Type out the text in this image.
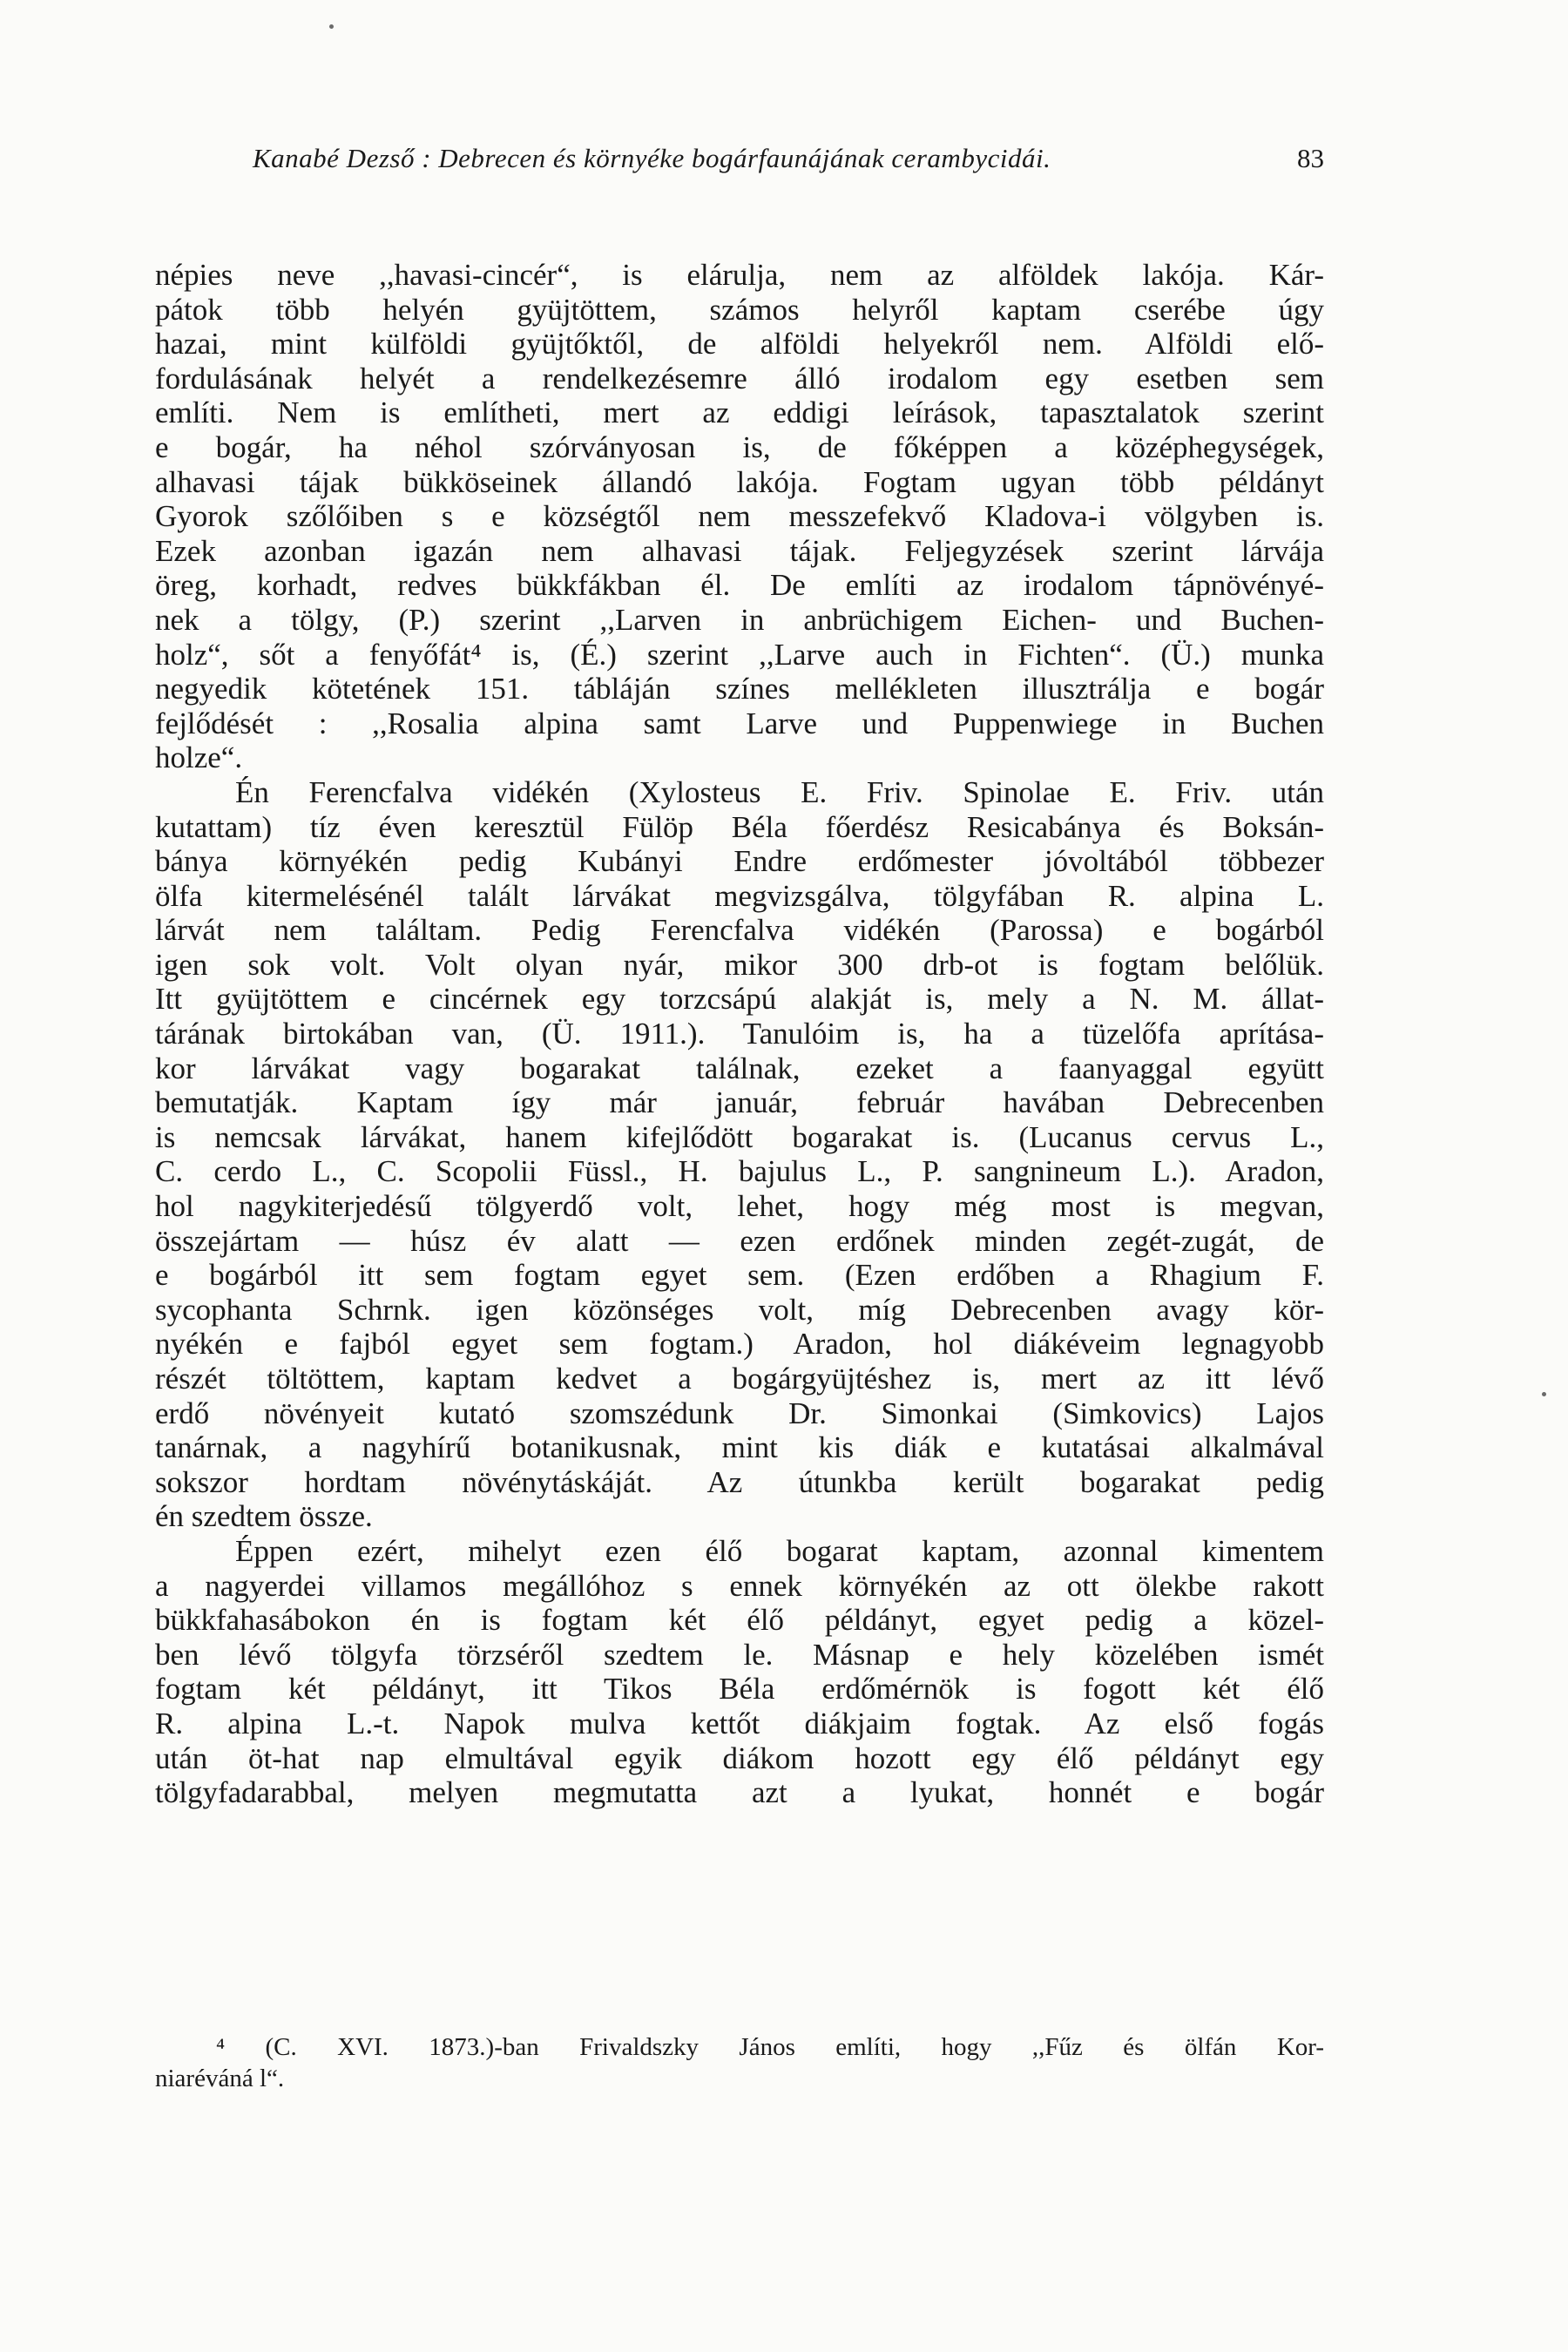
Kanabé Dezső : Debrecen és környéke bogárfaunájának cerambycidái.	83
népies neve ,,havasi-cincér“, is elárulja, nem az alföldek lakója. Kár-
pátok több helyén gyüjtöttem, számos helyről kaptam cserébe úgy
hazai, mint külföldi gyüjtőktől, de alföldi helyekről nem. Alföldi elő-
fordulásának helyét a rendelkezésemre álló irodalom egy esetben sem
említi. Nem is említheti, mert az eddigi leírások, tapasztalatok szerint
e bogár, ha néhol szórványosan is, de főképpen a középhegységek,
alhavasi tájak bükköseinek állandó lakója. Fogtam ugyan több példányt
Gyorok szőlőiben s e községtől nem messzefekvő Kladova-i völgyben is.
Ezek azonban igazán nem alhavasi tájak. Feljegyzések szerint lárvája
öreg, korhadt, redves bükkfákban él. De említi az irodalom tápnövényé-
nek a tölgy, (P.) szerint ,,Larven in anbrüchigem Eichen- und Buchen-
holz“, sőt a fenyőfát⁴ is, (É.) szerint ,,Larve auch in Fichten“. (Ü.) munka
negyedik kötetének 151. tábláján színes mellékleten illusztrálja e bogár
fejlődését : ,,Rosalia alpina samt Larve und Puppenwiege in Buchen
holze“.
Én Ferencfalva vidékén (Xylosteus E. Friv. Spinolae E. Friv. után
kutattam) tíz éven keresztül Fülöp Béla főerdész Resicabánya és Boksán-
bánya környékén pedig Kubányi Endre erdőmester jóvoltából többezer
ölfa kitermelésénél talált lárvákat megvizsgálva, tölgyfában R. alpina L.
lárvát nem találtam. Pedig Ferencfalva vidékén (Parossa) e bogárból
igen sok volt. Volt olyan nyár, mikor 300 drb-ot is fogtam belőlük.
Itt gyüjtöttem e cincérnek egy torzcsápú alakját is, mely a N. M. állat-
tárának birtokában van, (Ü. 1911.). Tanulóim is, ha a tüzelőfa aprítása-
kor lárvákat vagy bogarakat találnak, ezeket a faanyaggal együtt
bemutatják. Kaptam így már január, február havában Debrecenben
is nemcsak lárvákat, hanem kifejlődött bogarakat is. (Lucanus cervus L.,
C. cerdo L., C. Scopolii Füssl., H. bajulus L., P. sangnineum L.). Aradon,
hol nagykiterjedésű tölgyerdő volt, lehet, hogy még most is megvan,
összejártam — húsz év alatt — ezen erdőnek minden zegét-zugát, de
e bogárból itt sem fogtam egyet sem. (Ezen erdőben a Rhagium F.
sycophanta Schrnk. igen közönséges volt, míg Debrecenben avagy kör-
nyékén e fajból egyet sem fogtam.) Aradon, hol diákéveim legnagyobb
részét töltöttem, kaptam kedvet a bogárgyüjtéshez is, mert az itt lévő
erdő növényeit kutató szomszédunk Dr. Simonkai (Simkovics) Lajos
tanárnak, a nagyhírű botanikusnak, mint kis diák e kutatásai alkalmával
sokszor hordtam növénytáskáját. Az útunkba került bogarakat pedig
én szedtem össze.
Éppen ezért, mihelyt ezen élő bogarat kaptam, azonnal kimentem
a nagyerdei villamos megállóhoz s ennek környékén az ott ölekbe rakott
bükkfahasábokon én is fogtam két élő példányt, egyet pedig a közel-
ben lévő tölgyfa törzséről szedtem le. Másnap e hely közelében ismét
fogtam két példányt, itt Tikos Béla erdőmérnök is fogott két élő
R. alpina L.-t. Napok mulva kettőt diákjaim fogtak. Az első fogás
után öt-hat nap elmultával egyik diákom hozott egy élő példányt egy
tölgyfadarabbal, melyen megmutatta azt a lyukat, honnét e bogár
⁴ (C. XVI. 1873.)-ban Frivaldszky János említi, hogy ,,Fűz és ölfán Kor-
niaréváná l“.
